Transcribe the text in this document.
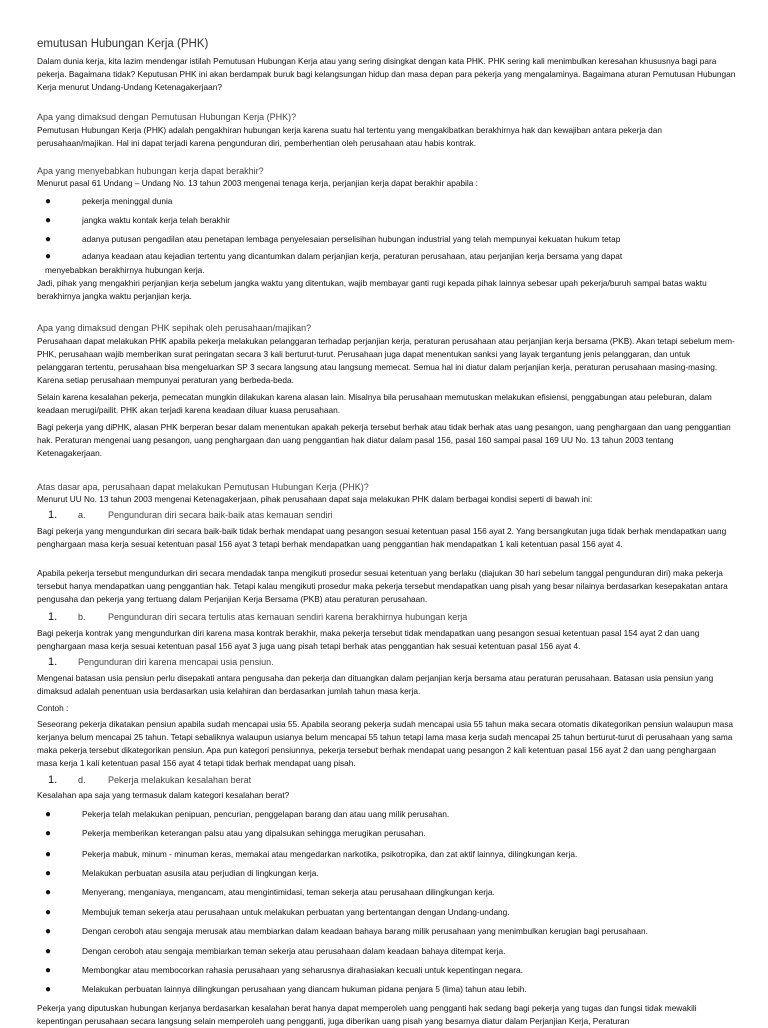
emutusan Hubungan Kerja (PHK)
Dalam dunia kerja, kita lazim mendengar istilah Pemutusan Hubungan Kerja atau yang sering disingkat dengan kata PHK. PHK sering kali menimbulkan keresahan khususnya bagi para pekerja. Bagaimana tidak? Keputusan PHK ini akan berdampak buruk bagi kelangsungan hidup dan masa depan para pekerja yang mengalaminya. Bagaimana aturan Pemutusan Hubungan Kerja menurut Undang-Undang Ketenagakerjaan?
Apa yang dimaksud dengan Pemutusan Hubungan Kerja (PHK)?
Pemutusan Hubungan Kerja (PHK) adalah pengakhiran hubungan kerja karena suatu hal tertentu yang mengakibatkan berakhirnya hak dan kewajiban antara pekerja dan perusahaan/majikan. Hal ini dapat terjadi karena pengunduran diri, pemberhentian oleh perusahaan atau habis kontrak.
Apa yang menyebabkan hubungan kerja dapat berakhir?
Menurut pasal 61 Undang – Undang No. 13 tahun 2003 mengenai tenaga kerja, perjanjian kerja dapat berakhir apabila :
●	pekerja meninggal dunia
●	jangka waktu kontak kerja telah berakhir
●	adanya putusan pengadilan atau penetapan lembaga penyelesaian perselisihan hubungan industrial yang telah mempunyai kekuatan hukum tetap
●	adanya keadaan atau kejadian tertentu yang dicantumkan dalam perjanjian kerja, peraturan perusahaan, atau perjanjian kerja bersama yang dapat
menyebabkan berakhirnya hubungan kerja.
Jadi, pihak yang mengakhiri perjanjian kerja sebelum jangka waktu yang ditentukan, wajib membayar ganti rugi kepada pihak lainnya sebesar upah pekerja/buruh sampai batas waktu berakhirnya jangka waktu perjanjian kerja.
Apa yang dimaksud dengan PHK sepihak oleh perusahaan/majikan?
Perusahaan dapat melakukan PHK apabila pekerja melakukan pelanggaran terhadap perjanjian kerja, peraturan perusahaan atau perjanjian kerja bersama (PKB). Akan tetapi sebelum mem-PHK, perusahaan wajib memberikan surat peringatan secara 3 kali berturut-turut. Perusahaan juga dapat menentukan sanksi yang layak tergantung jenis pelanggaran, dan untuk pelanggaran tertentu, perusahaan bisa mengeluarkan SP 3 secara langsung atau langsung memecat. Semua hal ini diatur dalam perjanjian kerja, peraturan perusahaan masing-masing. Karena setiap perusahaan mempunyai peraturan yang berbeda-beda.
Selain karena kesalahan pekerja, pemecatan mungkin dilakukan karena alasan lain. Misalnya bila perusahaan memutuskan melakukan efisiensi, penggabungan atau peleburan, dalam keadaan merugi/pailit. PHK akan terjadi karena keadaan diluar kuasa perusahaan.
Bagi pekerja yang diPHK, alasan PHK berperan besar dalam menentukan apakah pekerja tersebut berhak atau tidak berhak atas uang pesangon, uang penghargaan dan uang penggantian hak. Peraturan mengenai uang pesangon, uang penghargaan dan uang penggantian hak diatur dalam pasal 156, pasal 160 sampai pasal 169 UU No. 13 tahun 2003 tentang Ketenagakerjaan.
Atas dasar apa, perusahaan dapat melakukan Pemutusan Hubungan Kerja (PHK)?
Menurut UU No. 13 tahun 2003 mengenai Ketenagakerjaan, pihak perusahaan dapat saja melakukan PHK dalam berbagai kondisi seperti di bawah ini:
1. a. Pengunduran diri secara baik-baik atas kemauan sendiri
Bagi pekerja yang mengundurkan diri secara baik-baik tidak berhak mendapat uang pesangon sesuai ketentuan pasal 156 ayat 2. Yang bersangkutan juga tidak berhak mendapatkan uang penghargaan masa kerja sesuai ketentuan pasal 156 ayat 3 tetapi berhak mendapatkan uang penggantian hak mendapatkan 1 kali ketentuan pasal 156 ayat 4.
Apabila pekerja tersebut mengundurkan diri secara mendadak tanpa mengikuti prosedur sesuai ketentuan yang berlaku (diajukan 30 hari sebelum tanggal pengunduran diri) maka pekerja tersebut hanya mendapatkan uang penggantian hak. Tetapi kalau mengikuti prosedur maka pekerja tersebut mendapatkan uang pisah yang besar nilainya berdasarkan kesepakatan antara pengusaha dan pekerja yang tertuang dalam Perjanjian Kerja Bersama (PKB) atau peraturan perusahaan.
1. b. Pengunduran diri secara tertulis atas kemauan sendiri karena berakhirnya hubungan kerja
Bagi pekerja kontrak yang mengundurkan diri karena masa kontrak berakhir, maka pekerja tersebut tidak mendapatkan uang pesangon sesuai ketentuan pasal 154 ayat 2 dan uang penghargaan masa kerja sesuai ketentuan pasal 156 ayat 3 juga uang pisah tetapi berhak atas penggantian hak sesuai ketentuan pasal 156 ayat 4.
1. Pengunduran diri karena mencapai usia pensiun.
Mengenai batasan usia pensiun perlu disepakati antara pengusaha dan pekerja dan dituangkan dalam perjanjian kerja bersama atau peraturan perusahaan. Batasan usia pensiun yang dimaksud adalah penentuan usia berdasarkan usia kelahiran dan berdasarkan jumlah tahun masa kerja.
Contoh :
Seseorang pekerja dikatakan pensiun apabila sudah mencapai usia 55. Apabila seorang pekerja sudah mencapai usia 55 tahun maka secara otomatis dikategorikan pensiun walaupun masa kerjanya belum mencapai 25 tahun. Tetapi sebaliknya walaupun usianya belum mencapai 55 tahun tetapi lama masa kerja sudah mencapai 25 tahun berturut-turut di perusahaan yang sama maka pekerja tersebut dikategorikan pensiun. Apa pun kategori pensiunnya, pekerja tersebut berhak mendapat uang pesangon 2 kali ketentuan pasal 156 ayat 2 dan uang penghargaan masa kerja 1 kali ketentuan pasal 156 ayat 4 tetapi tidak berhak mendapat uang pisah.
1. d. Pekerja melakukan kesalahan berat
Kesalahan apa saja yang termasuk dalam kategori kesalahan berat?
●	Pekerja telah melakukan penipuan, pencurian, penggelapan barang dan atau uang milik perusahan.
●	Pekerja memberikan keterangan palsu atau yang dipalsukan sehingga merugikan perusahan.
●	Pekerja mabuk, minum - minuman keras, memakai atau mengedarkan narkotika, psikotropika, dan zat aktif lainnya, dilingkungan kerja.
●	Melakukan perbuatan asusila atau perjudian di lingkungan kerja.
●	Menyerang, menganiaya, mengancam, atau mengintimidasi, teman sekerja atau perusahaan dilingkungan kerja.
●	Membujuk teman sekerja atau perusahaan untuk melakukan perbuatan yang bertentangan dengan Undang-undang.
●	Dengan ceroboh atau sengaja merusak atau membiarkan dalam keadaan bahaya barang milik perusahaan yang menimbulkan kerugian bagi perusahaan.
●	Dengan ceroboh atau sengaja membiarkan teman sekerja atau perusahaan dalam keadaan bahaya ditempat kerja.
●	Membongkar atau membocorkan rahasia perusahaan yang seharusnya dirahasiakan kecuali untuk kepentingan negara.
●	Melakukan perbuatan lainnya dilingkungan perusahaan yang diancam hukuman pidana penjara 5 (lima) tahun atau lebih.
Pekerja yang diputuskan hubungan kerjanya berdasarkan kesalahan berat hanya dapat memperoleh uang pengganti hak sedang bagi pekerja yang tugas dan fungsi tidak mewakili kepentingan perusahaan secara langsung selain memperoleh uang pengganti, juga diberikan uang pisah yang besarnya diatur dalam Perjanjian Kerja, Peraturan
